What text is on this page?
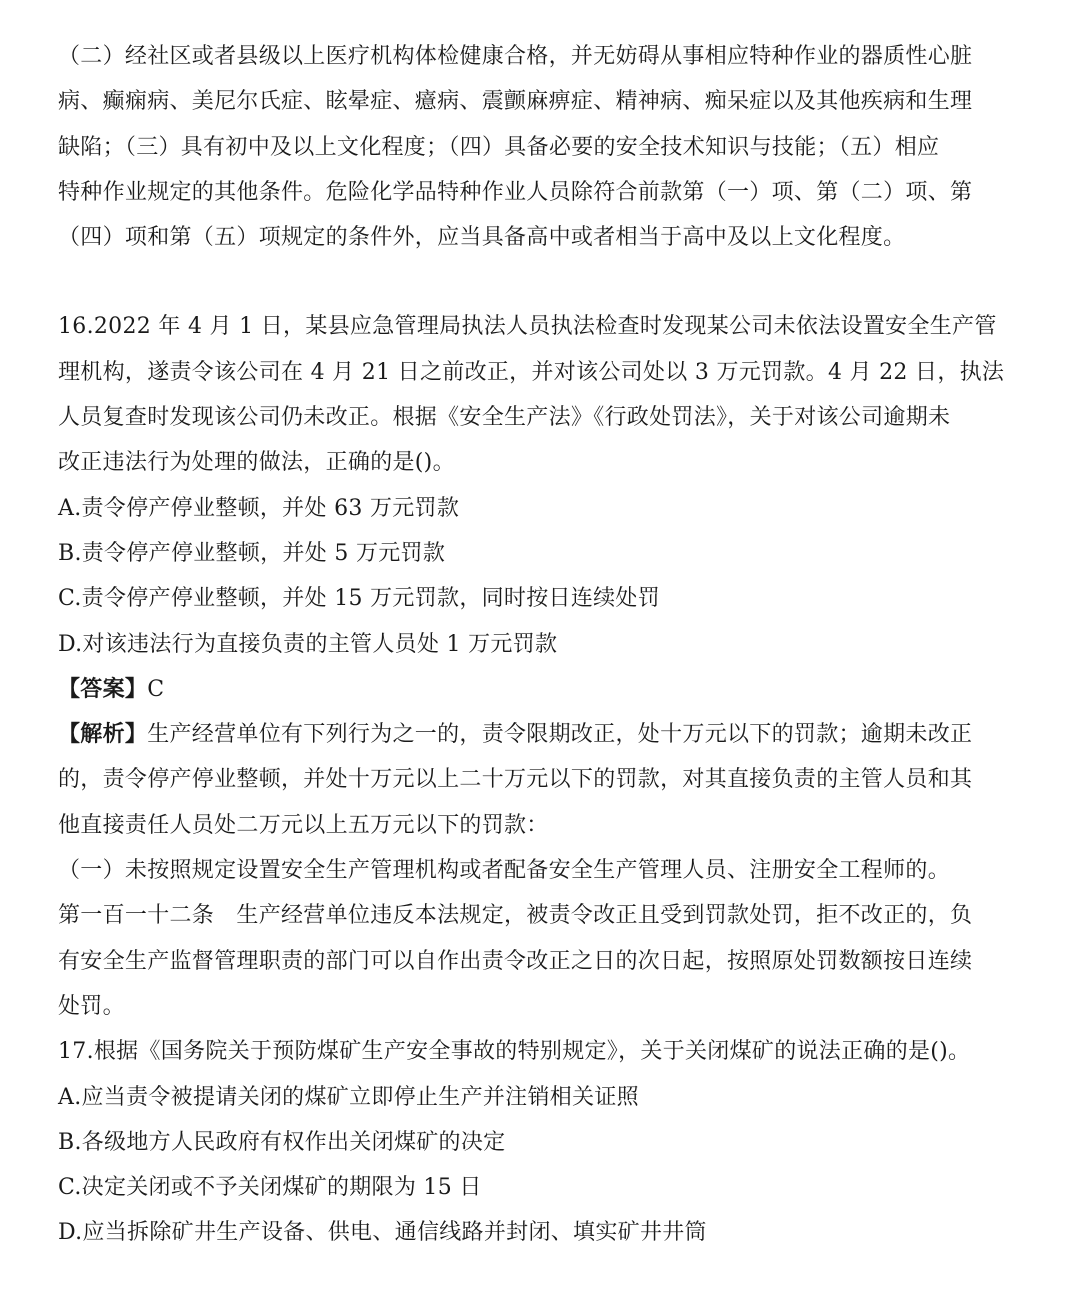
（二）经社区或者县级以上医疗机构体检健康合格，并无妨碍从事相应特种作业的器质性心脏
病、癫痫病、美尼尔氏症、眩晕症、癔病、震颤麻痹症、精神病、痴呆症以及其他疾病和生理
缺陷；（三）具有初中及以上文化程度；（四）具备必要的安全技术知识与技能；（五）相应
特种作业规定的其他条件。危险化学品特种作业人员除符合前款第（一）项、第（二）项、第
（四）项和第（五）项规定的条件外，应当具备高中或者相当于高中及以上文化程度。
16.2022 年 4 月 1 日，某县应急管理局执法人员执法检查时发现某公司未依法设置安全生产管
理机构，遂责令该公司在 4 月 21 日之前改正，并对该公司处以 3 万元罚款。4 月 22 日，执法
人员复查时发现该公司仍未改正。根据《安全生产法》《行政处罚法》，关于对该公司逾期未
改正违法行为处理的做法，正确的是()。
A.责令停产停业整顿，并处 63 万元罚款
B.责令停产停业整顿，并处 5 万元罚款
C.责令停产停业整顿，并处 15 万元罚款，同时按日连续处罚
D.对该违法行为直接负责的主管人员处 1 万元罚款
【答案】C
【解析】生产经营单位有下列行为之一的，责令限期改正，处十万元以下的罚款；逾期未改正
的，责令停产停业整顿，并处十万元以上二十万元以下的罚款，对其直接负责的主管人员和其
他直接责任人员处二万元以上五万元以下的罚款：
（一）未按照规定设置安全生产管理机构或者配备安全生产管理人员、注册安全工程师的。
第一百一十二条　生产经营单位违反本法规定，被责令改正且受到罚款处罚，拒不改正的，负
有安全生产监督管理职责的部门可以自作出责令改正之日的次日起，按照原处罚数额按日连续
处罚。
17.根据《国务院关于预防煤矿生产安全事故的特别规定》，关于关闭煤矿的说法正确的是()。
A.应当责令被提请关闭的煤矿立即停止生产并注销相关证照
B.各级地方人民政府有权作出关闭煤矿的决定
C.决定关闭或不予关闭煤矿的期限为 15 日
D.应当拆除矿井生产设备、供电、通信线路并封闭、填实矿井井筒
